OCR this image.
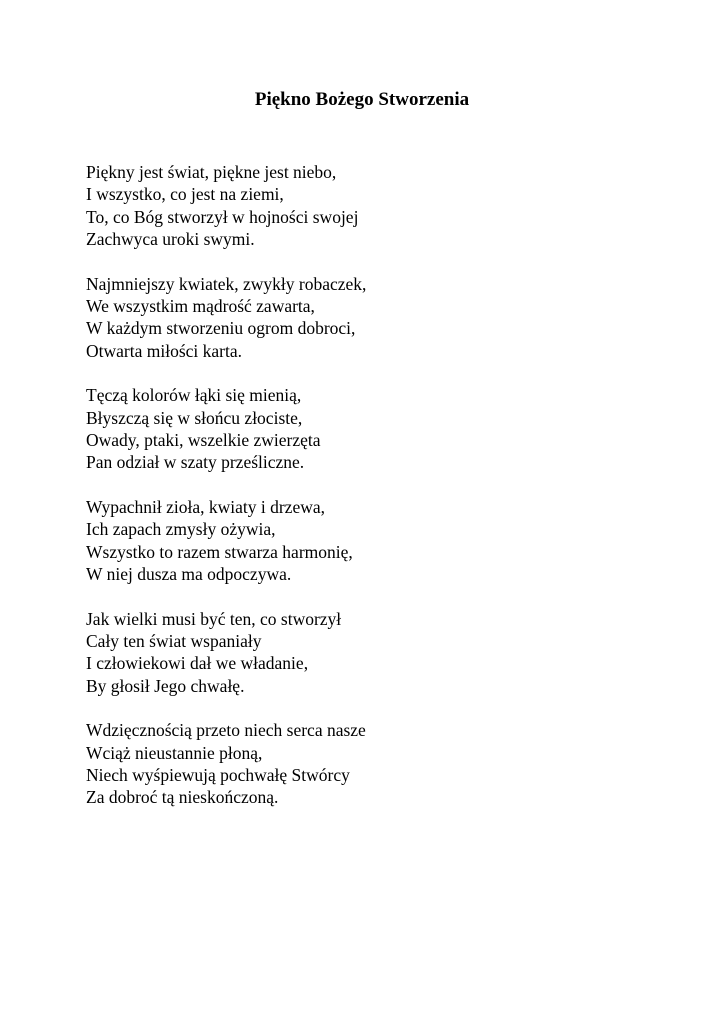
Piękno Bożego Stworzenia
Piękny jest świat, piękne jest niebo,
I wszystko, co jest na ziemi,
To, co Bóg stworzył w hojności swojej
Zachwyca uroki swymi.
Najmniejszy kwiatek, zwykły robaczek,
We wszystkim mądrość zawarta,
W każdym stworzeniu ogrom dobroci,
Otwarta miłości karta.
Tęczą kolorów łąki się mienią,
Błyszczą się w słońcu złociste,
Owady, ptaki, wszelkie zwierzęta
Pan odział w szaty prześliczne.
Wypachnił zioła, kwiaty i drzewa,
Ich zapach zmysły ożywia,
Wszystko to razem stwarza harmonię,
W niej dusza ma odpoczywa.
Jak wielki musi być ten, co stworzył
Cały ten świat wspaniały
I człowiekowi dał we władanie,
By głosił Jego chwałę.
Wdzięcznością przeto niech serca nasze
Wciąż nieustannie płoną,
Niech wyśpiewują pochwałę Stwórcy
Za dobroć tą nieskończoną.
